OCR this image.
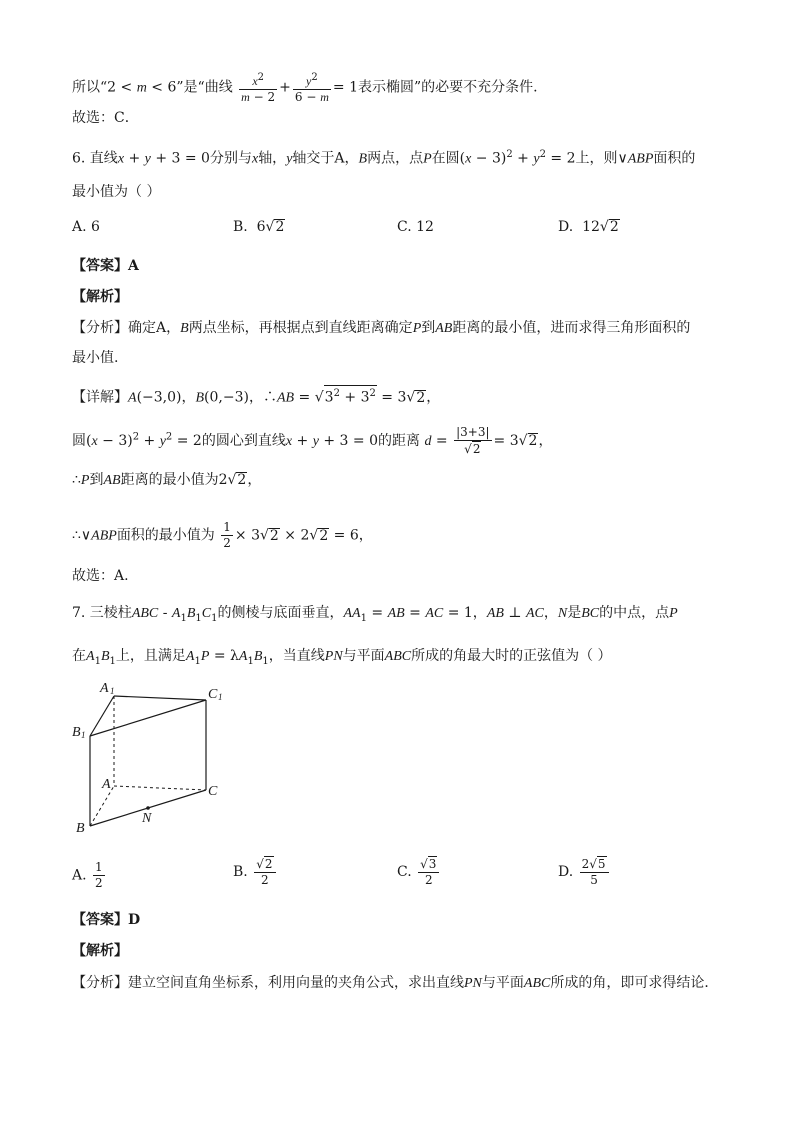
所以“2 < m < 6”是“曲线 $\frac{x^2}{m - 2} + \frac{y^2}{6 - m} = 1$表示椭圆”的必要不充分条件.
故选：C．
6. 直线x + y + 3 = 0分别与x轴，y轴交于A，B两点，点P在圆$(x - 3)^2 + y^2 = 2$上，则∨ABP面积的
最小值为（ ）
A. 6	B.  6√2	C. 12	D.  12√2
【答案】A
【解析】
【分析】确定A，B两点坐标，再根据点到直线距离确定P到AB距离的最小值，进而求得三角形面积的
最小值.
【详解】A(−3,0)，B(0,−3)，∴AB = $√3^2 + 3^2 = 3√2$，
圆$(x - 3)^2 + y^2 = 2$的圆心到直线x + y + 3 = 0的距离 $d = \frac{|3+3|}{√2} = 3√2$，
∴P到AB距离的最小值为2√2，
∴∨ABP面积的最小值为 $\frac{1}{2} \times 3√2 \times 2√2 = 6$，
故选：A.
7. 三棱柱ABC - $A_1B_1C_1$的侧棱与底面垂直，$AA_1$ = AB = AC = 1，AB ⊥ AC，N是BC的中点，点P
在$A_1B_1$上，且满足$A_1P = \lambda A_1B_1$，当直线PN与平面ABC所成的角最大时的正弦值为（ ）
A 1	C 1
B 1
A	C
B
N
A. $\frac{1}{2}$	B. $\frac{√2}{2}$	C. $\frac{√3}{2}$	D. $\frac{2√5}{5}$
【答案】D
【解析】
【分析】建立空间直角坐标系，利用向量的夹角公式，求出直线PN与平面ABC所成的角，即可求得结论．
